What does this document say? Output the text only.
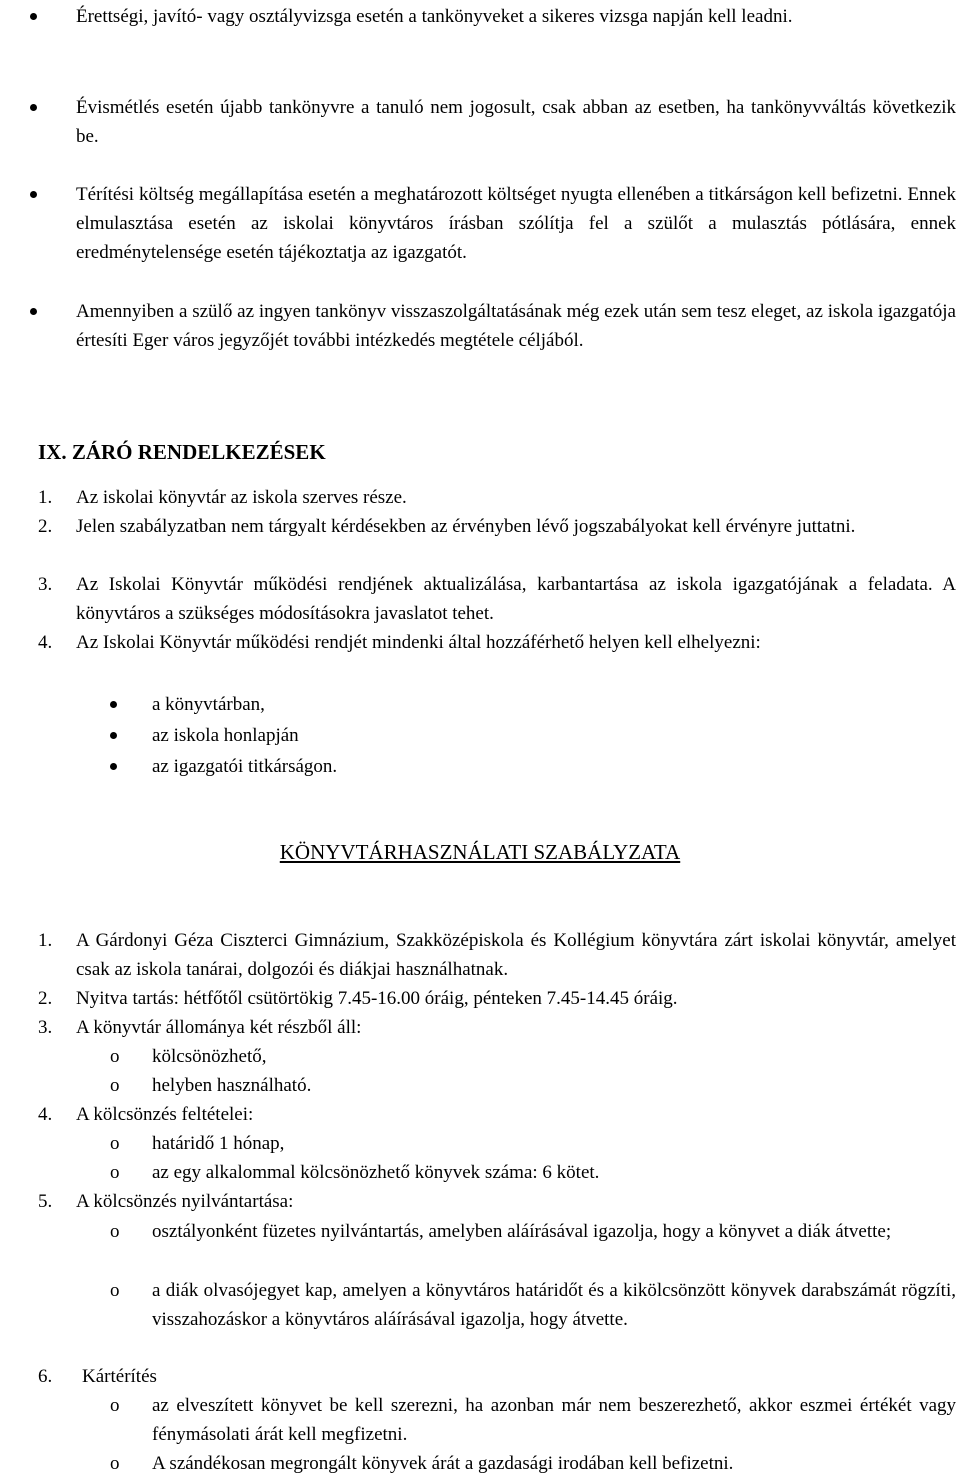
Érettségi, javító- vagy osztályvizsga esetén a tankönyveket a sikeres vizsga napján kell leadni.
Évismétlés esetén újabb tankönyvre a tanuló nem jogosult, csak abban az esetben, ha tankönyvváltás következik be.
Térítési költség megállapítása esetén a meghatározott költséget nyugta ellenében a titkárságon kell befizetni. Ennek elmulasztása esetén az iskolai könyvtáros írásban szólítja fel a szülőt a mulasztás pótlására, ennek eredménytelensége esetén tájékoztatja az igazgatót.
Amennyiben a szülő az ingyen tankönyv visszaszolgáltatásának még ezek után sem tesz eleget, az iskola igazgatója értesíti Eger város jegyzőjét további intézkedés megtétele céljából.
IX. ZÁRÓ RENDELKEZÉSEK
1. Az iskolai könyvtár az iskola szerves része.
2. Jelen szabályzatban nem tárgyalt kérdésekben az érvényben lévő jogszabályokat kell érvényre juttatni.
3. Az Iskolai Könyvtár működési rendjének aktualizálása, karbantartása az iskola igazgatójának a feladata. A könyvtáros a szükséges módosításokra javaslatot tehet.
4. Az Iskolai Könyvtár működési rendjét mindenki által hozzáférhető helyen kell elhelyezni:
a könyvtárban,
az iskola honlapján
az igazgatói titkárságon.
KÖNYVTÁRHASZNÁLATI SZABÁLYZATA
1. A Gárdonyi Géza Ciszterci Gimnázium, Szakközépiskola és Kollégium könyvtára zárt iskolai könyvtár, amelyet csak az iskola tanárai, dolgozói és diákjai használhatnak.
2. Nyitva tartás: hétfőtől csütörtökig 7.45-16.00 óráig, pénteken 7.45-14.45 óráig.
3. A könyvtár állománya két részből áll:
o kölcsönözhető,
o helyben használható.
4. A kölcsönzés feltételei:
o határidő 1 hónap,
o az egy alkalommal kölcsönözhető könyvek száma: 6 kötet.
5. A kölcsönzés nyilvántartása:
o osztályonként füzetes nyilvántartás, amelyben aláírásával igazolja, hogy a könyvet a diák átvette;
o a diák olvasójegyet kap, amelyen a könyvtáros határidőt és a kikölcsönzött könyvek darabszámát rögzíti, visszahozáskor a könyvtáros aláírásával igazolja, hogy átvette.
6. Kártérítés
o az elveszített könyvet be kell szerezni, ha azonban már nem beszerezhető, akkor eszmei értékét vagy fénymásolati árát kell megfizetni.
o A szándékosan megrongált könyvek árát a gazdasági irodában kell befizetni.
